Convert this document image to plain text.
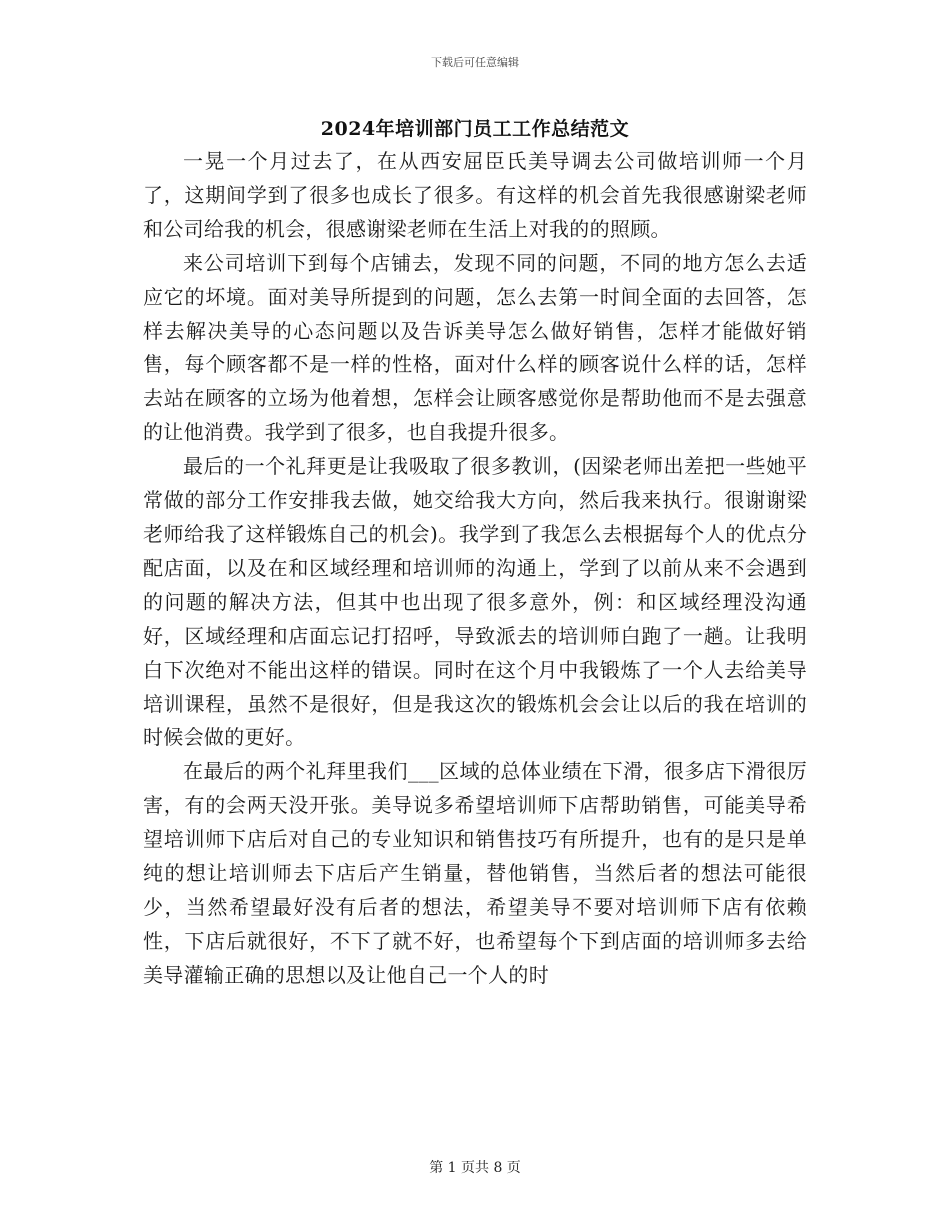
下载后可任意编辑
2024年培训部门员工工作总结范文

一晃一个月过去了，在从西安屈臣氏美导调去公司做培训师一个月了，这期间学到了很多也成长了很多。有这样的机会首先我很感谢梁老师和公司给我的机会，很感谢梁老师在生活上对我的的照顾。

来公司培训下到每个店铺去，发现不同的问题，不同的地方怎么去适应它的坏境。面对美导所提到的问题，怎么去第一时间全面的去回答，怎样去解决美导的心态问题以及告诉美导怎么做好销售，怎样才能做好销售，每个顾客都不是一样的性格，面对什么样的顾客说什么样的话，怎样去站在顾客的立场为他着想，怎样会让顾客感觉你是帮助他而不是去强意的让他消费。我学到了很多，也自我提升很多。

最后的一个礼拜更是让我吸取了很多教训，(因梁老师出差把一些她平常做的部分工作安排我去做，她交给我大方向，然后我来执行。很谢谢梁老师给我了这样锻炼自己的机会)。我学到了我怎么去根据每个人的优点分配店面，以及在和区域经理和培训师的沟通上，学到了以前从来不会遇到的问题的解决方法，但其中也出现了很多意外，例：和区域经理没沟通好，区域经理和店面忘记打招呼，导致派去的培训师白跑了一趟。让我明白下次绝对不能出这样的错误。同时在这个月中我锻炼了一个人去给美导培训课程，虽然不是很好，但是我这次的锻炼机会会让以后的我在培训的时候会做的更好。

在最后的两个礼拜里我们___区域的总体业绩在下滑，很多店下滑很厉害，有的会两天没开张。美导说多希望培训师下店帮助销售，可能美导希望培训师下店后对自己的专业知识和销售技巧有所提升，也有的是只是单纯的想让培训师去下店后产生销量，替他销售，当然后者的想法可能很少，当然希望最好没有后者的想法，希望美导不要对培训师下店有依赖性，下店后就很好，不下了就不好，也希望每个下到店面的培训师多去给美导灌输正确的思想以及让他自己一个人的时

第 1 页共 8 页
